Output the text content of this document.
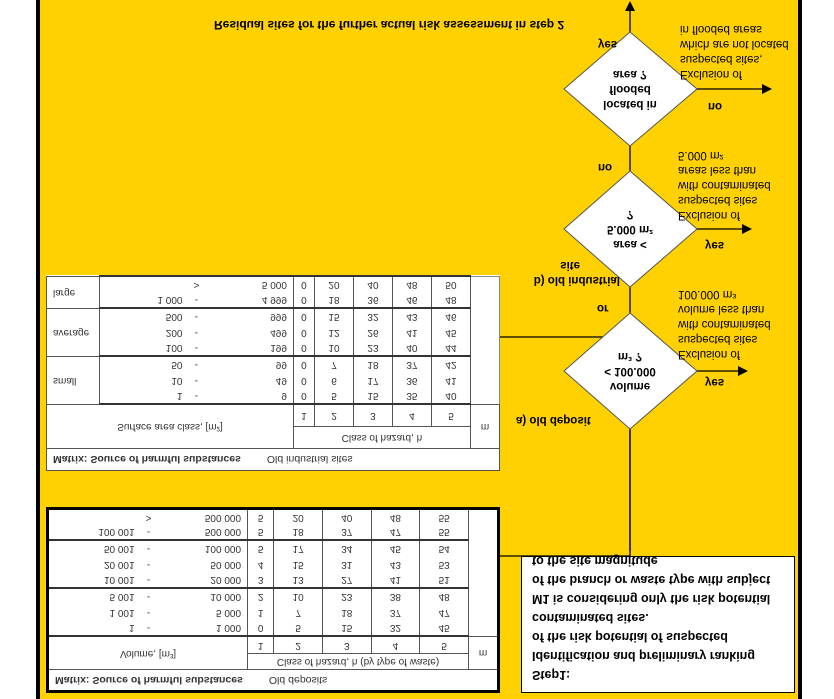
Step1:
Identification and preliminary ranking
of the risk potential of suspected
contaminated sites.
M1 is considering only the risk potential
of the branch or waste type with subject
to the site magnitude
Matrix: Source of harmful substances Old deposits								
Volume, [m³]			Class of hazard, h (by type of waste)					m
			1	2	3	4	5	
1	-	1 000	0	5	15	32	45	
1 001	-	5 000	1	7	18	37	47	
5 001	-	10 000	2	10	23	38	48	
10 001	-	20 000	3	13	27	41	51	
20 001	-	50 000	4	15	31	43	53	
50 001	-	100 000	5	17	34	45	54	
100 001	-	500 000	5	18	37	47	55	
	>	500 000	5	20	40	48	55	
Matrix: Source of harmful substances Old industrial sites									
Surface area class, [m²]				Class of hazard, h					m
				1	2	3	4	5	
small	1	-	9	0	5	15	35	40	
	10	-	49	0	6	17	36	41	
	50	-	99	0	7	18	37	42	
average	100	-	199	0	10	23	40	44	
	200	-	499	0	12	26	41	45	
	500	-	999	0	15	32	43	46	
large	1 000	-	4 999	0	18	36	46	48	
		>	5 000	0	20	40	48	50	
a) old deposit
or
b) old industrial
site
volume
< 100.000
m³ ?
yes
Exclusion of
suspected sites
with contaminated
volume less than
100.000 m³
area <
5.000 m²
?
yes
no
Exclusion of
suspected sites
with contaminated
areas less than
5.000 m²
located in
flooded
area ?
no
yes
Exclusion of
suspected sites,
which are not located
in flooded areas
Residual sites for the further actual risk assessment in step 2
